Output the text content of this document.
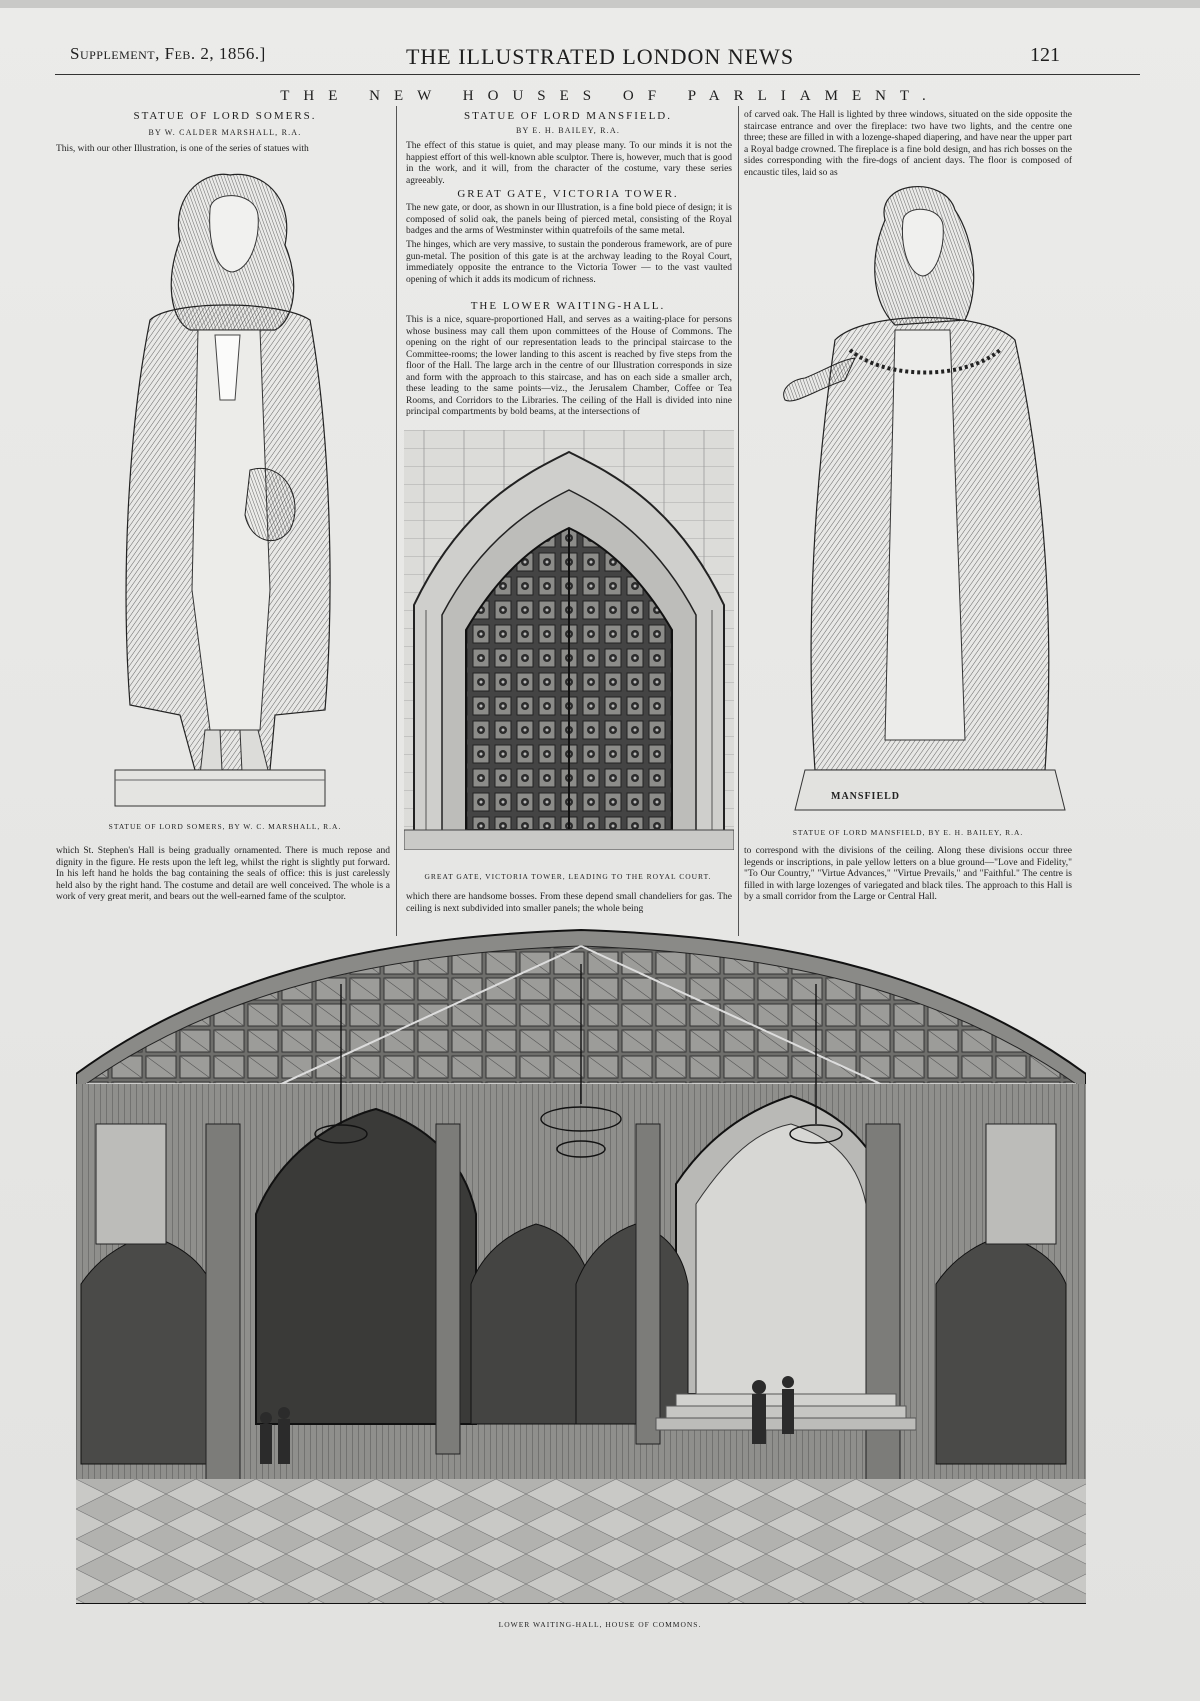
Supplement, Feb. 2, 1856.]	THE ILLUSTRATED LONDON NEWS	121
THE NEW HOUSES OF PARLIAMENT.
STATUE OF LORD SOMERS.
BY W. CALDER MARSHALL, R.A.

This, with our other Illustration, is one of the series of statues with

STATUE OF LORD SOMERS, BY W. C. MARSHALL, R.A.

which St. Stephen's Hall is being gradually ornamented. There is much repose and dignity in the figure. He rests upon the left leg, whilst the right is slightly put forward. In his left hand he holds the bag containing the seals of office: this is just carelessly held also by the right hand. The costume and detail are well conceived. The whole is a work of very great merit, and bears out the well-earned fame of the sculptor.

STATUE OF LORD MANSFIELD.
BY E. H. BAILEY, R.A.

The effect of this statue is quiet, and may please many. To our minds it is not the happiest effort of this well-known able sculptor. There is, however, much that is good in the work, and it will, from the character of the costume, vary these series agreeably.

GREAT GATE, VICTORIA TOWER.

The new gate, or door, as shown in our Illustration, is a fine bold piece of design; it is composed of solid oak, the panels being of pierced metal, consisting of the Royal badges and the arms of Westminster within quatrefoils of the same metal.

The hinges, which are very massive, to sustain the ponderous framework, are of pure gun-metal. The position of this gate is at the archway leading to the Royal Court, immediately opposite the entrance to the Victoria Tower — to the vast vaulted opening of which it adds its modicum of richness.

THE LOWER WAITING-HALL.

This is a nice, square-proportioned Hall, and serves as a waiting-place for persons whose business may call them upon committees of the House of Commons. The opening on the right of our representation leads to the principal staircase to the Committee-rooms; the lower landing to this ascent is reached by five steps from the floor of the Hall. The large arch in the centre of our Illustration corresponds in size and form with the approach to this staircase, and has on each side a smaller arch, these leading to the same points—viz., the Jerusalem Chamber, Coffee or Tea Rooms, and Corridors to the Libraries. The ceiling of the Hall is divided into nine principal compartments by bold beams, at the intersections of

GREAT GATE, VICTORIA TOWER, LEADING TO THE ROYAL COURT.

which there are handsome bosses. From these depend small chandeliers for gas. The ceiling is next subdivided into smaller panels; the whole being

of carved oak. The Hall is lighted by three windows, situated on the side opposite the staircase entrance and over the fireplace: two have two lights, and the centre one three; these are filled in with a lozenge-shaped diapering, and have near the upper part a Royal badge crowned. The fireplace is a fine bold design, and has rich bosses on the sides corresponding with the fire-dogs of ancient days. The floor is composed of encaustic tiles, laid so as

MANSFIELD
STATUE OF LORD MANSFIELD, BY E. H. BAILEY, R.A.

to correspond with the divisions of the ceiling. Along these divisions occur three legends or inscriptions, in pale yellow letters on a blue ground—"Love and Fidelity," "To Our Country," "Virtue Advances," "Virtue Prevails," and "Faithful." The centre is filled in with large lozenges of variegated and black tiles. The approach to this Hall is by a small corridor from the Large or Central Hall.

LOWER WAITING-HALL, HOUSE OF COMMONS.
